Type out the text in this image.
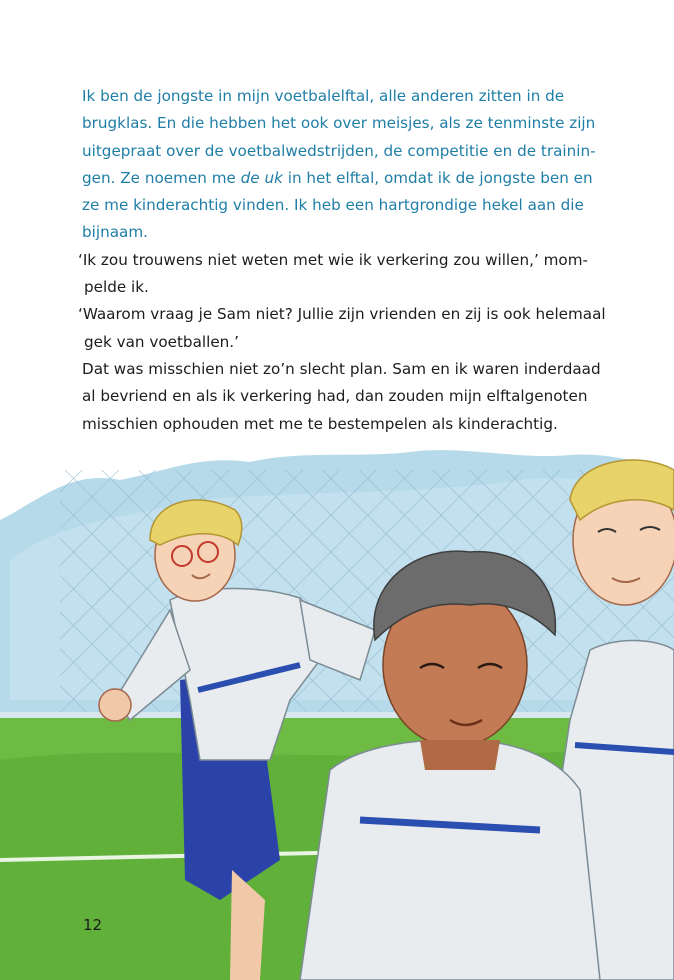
Ik ben de jongste in mijn voetbalelftal, alle anderen zitten in de
brugklas. En die hebben het ook over meisjes, als ze tenminste zijn
uitgepraat over de voetbalwedstrijden, de competitie en de trainin-
gen. Ze noemen me de uk in het elftal, omdat ik de jongste ben en
ze me kinderachtig vinden. Ik heb een hartgrondige hekel aan die
bijnaam.
‘Ik zou trouwens niet weten met wie ik verkering zou willen,’ mom-
pelde ik.
‘Waarom vraag je Sam niet? Jullie zijn vrienden en zij is ook helemaal
gek van voetballen.’
Dat was misschien niet zo’n slecht plan. Sam en ik waren inderdaad
al bevriend en als ik verkering had, dan zouden mijn elftalgenoten
misschien ophouden met me te bestempelen als kinderachtig.
12
